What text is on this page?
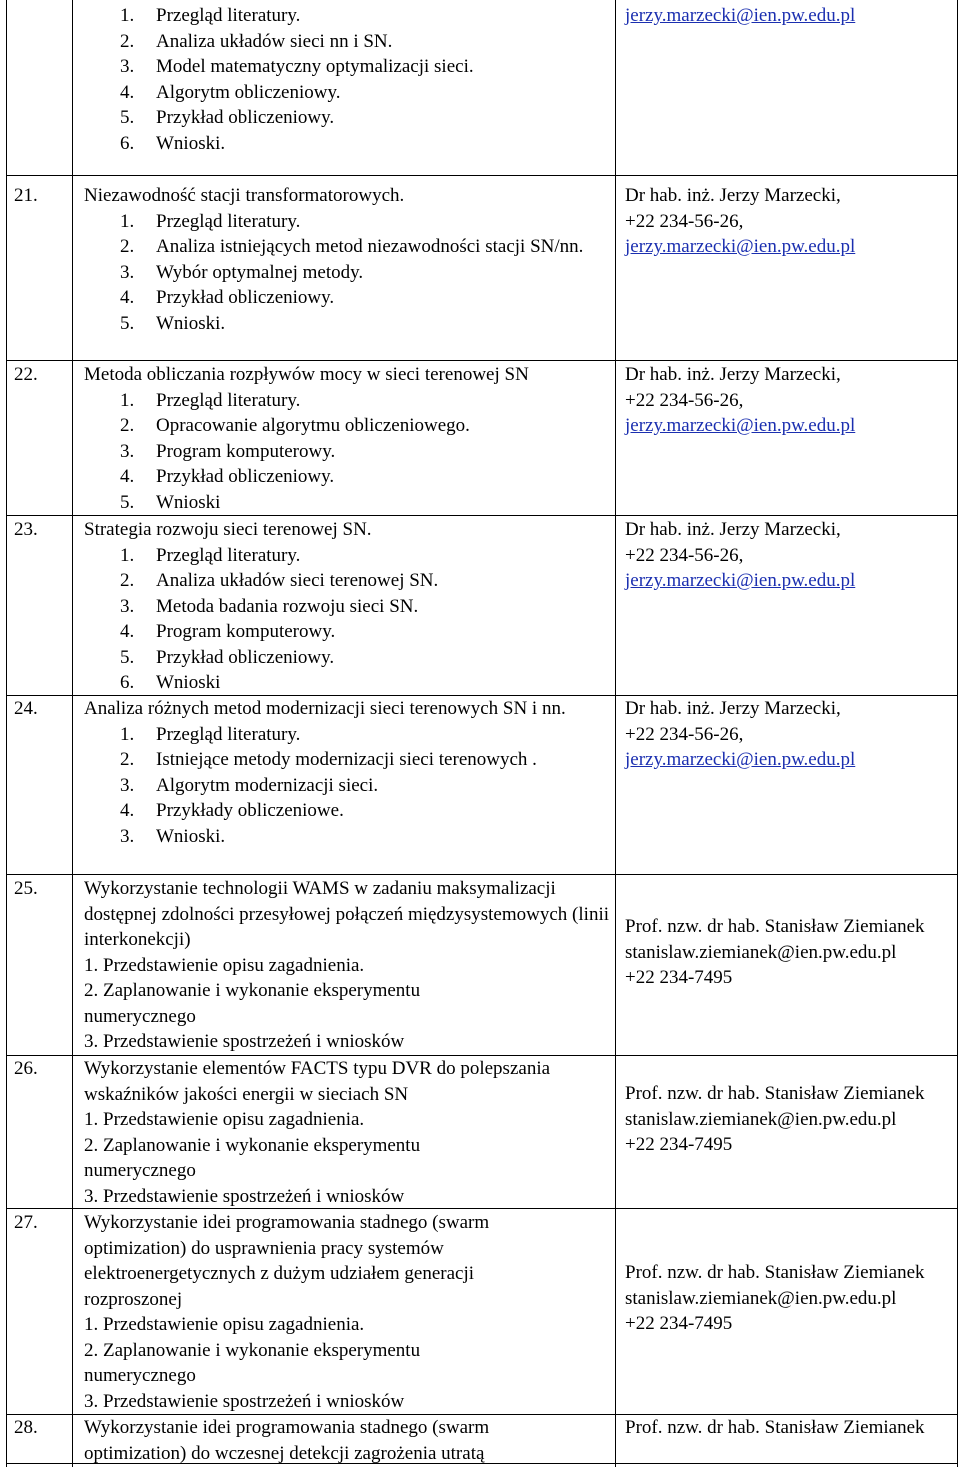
1. Przegląd literatury.
2. Analiza układów sieci nn i SN.
3. Model matematyczny optymalizacji sieci.
4. Algorytm obliczeniowy.
5. Przykład obliczeniowy.
6. Wnioski.
jerzy.marzecki@ien.pw.edu.pl
21. Niezawodność stacji transformatorowych.
1. Przegląd literatury.
2. Analiza istniejących metod niezawodności stacji SN/nn.
3. Wybór optymalnej metody.
4. Przykład obliczeniowy.
5. Wnioski.
Dr hab. inż. Jerzy Marzecki,
+22 234-56-26,
jerzy.marzecki@ien.pw.edu.pl
22. Metoda obliczania rozpływów mocy w sieci terenowej SN
1. Przegląd literatury.
2. Opracowanie algorytmu obliczeniowego.
3. Program komputerowy.
4. Przykład obliczeniowy.
5. Wnioski
Dr hab. inż. Jerzy Marzecki,
+22 234-56-26,
jerzy.marzecki@ien.pw.edu.pl
23. Strategia rozwoju sieci terenowej SN.
1. Przegląd literatury.
2. Analiza układów sieci terenowej SN.
3. Metoda badania rozwoju sieci SN.
4. Program komputerowy.
5. Przykład obliczeniowy.
6. Wnioski
Dr hab. inż. Jerzy Marzecki,
+22 234-56-26,
jerzy.marzecki@ien.pw.edu.pl
24. Analiza różnych metod modernizacji sieci terenowych SN i nn.
1. Przegląd literatury.
2. Istniejące metody modernizacji sieci terenowych .
3. Algorytm modernizacji sieci.
4. Przykłady obliczeniowe.
3. Wnioski.
Dr hab. inż. Jerzy Marzecki,
+22 234-56-26,
jerzy.marzecki@ien.pw.edu.pl
25. Wykorzystanie technologii WAMS w zadaniu maksymalizacji dostępnej zdolności przesyłowej połączeń międzysystemowych (linii interkonekcji)
1. Przedstawienie opisu zagadnienia.
2. Zaplanowanie i wykonanie eksperymentu numerycznego
3. Przedstawienie spostrzeżeń i wniosków
Prof. nzw. dr hab. Stanisław Ziemianek
stanislaw.ziemianek@ien.pw.edu.pl
+22 234-7495
26. Wykorzystanie elementów FACTS typu DVR do polepszania wskaźników jakości energii w sieciach SN
1. Przedstawienie opisu zagadnienia.
2. Zaplanowanie i wykonanie eksperymentu numerycznego
3. Przedstawienie spostrzeżeń i wniosków
Prof. nzw. dr hab. Stanisław Ziemianek
stanislaw.ziemianek@ien.pw.edu.pl
+22 234-7495
27. Wykorzystanie idei programowania stadnego (swarm optimization) do usprawnienia pracy systemów elektroenergetycznych z dużym udziałem generacji rozproszonej
1. Przedstawienie opisu zagadnienia.
2. Zaplanowanie i wykonanie eksperymentu numerycznego
3. Przedstawienie spostrzeżeń i wniosków
Prof. nzw. dr hab. Stanisław Ziemianek
stanislaw.ziemianek@ien.pw.edu.pl
+22 234-7495
28. Wykorzystanie idei programowania stadnego (swarm optimization) do wczesnej detekcji zagrożenia utratą
Prof. nzw. dr hab. Stanisław Ziemianek
